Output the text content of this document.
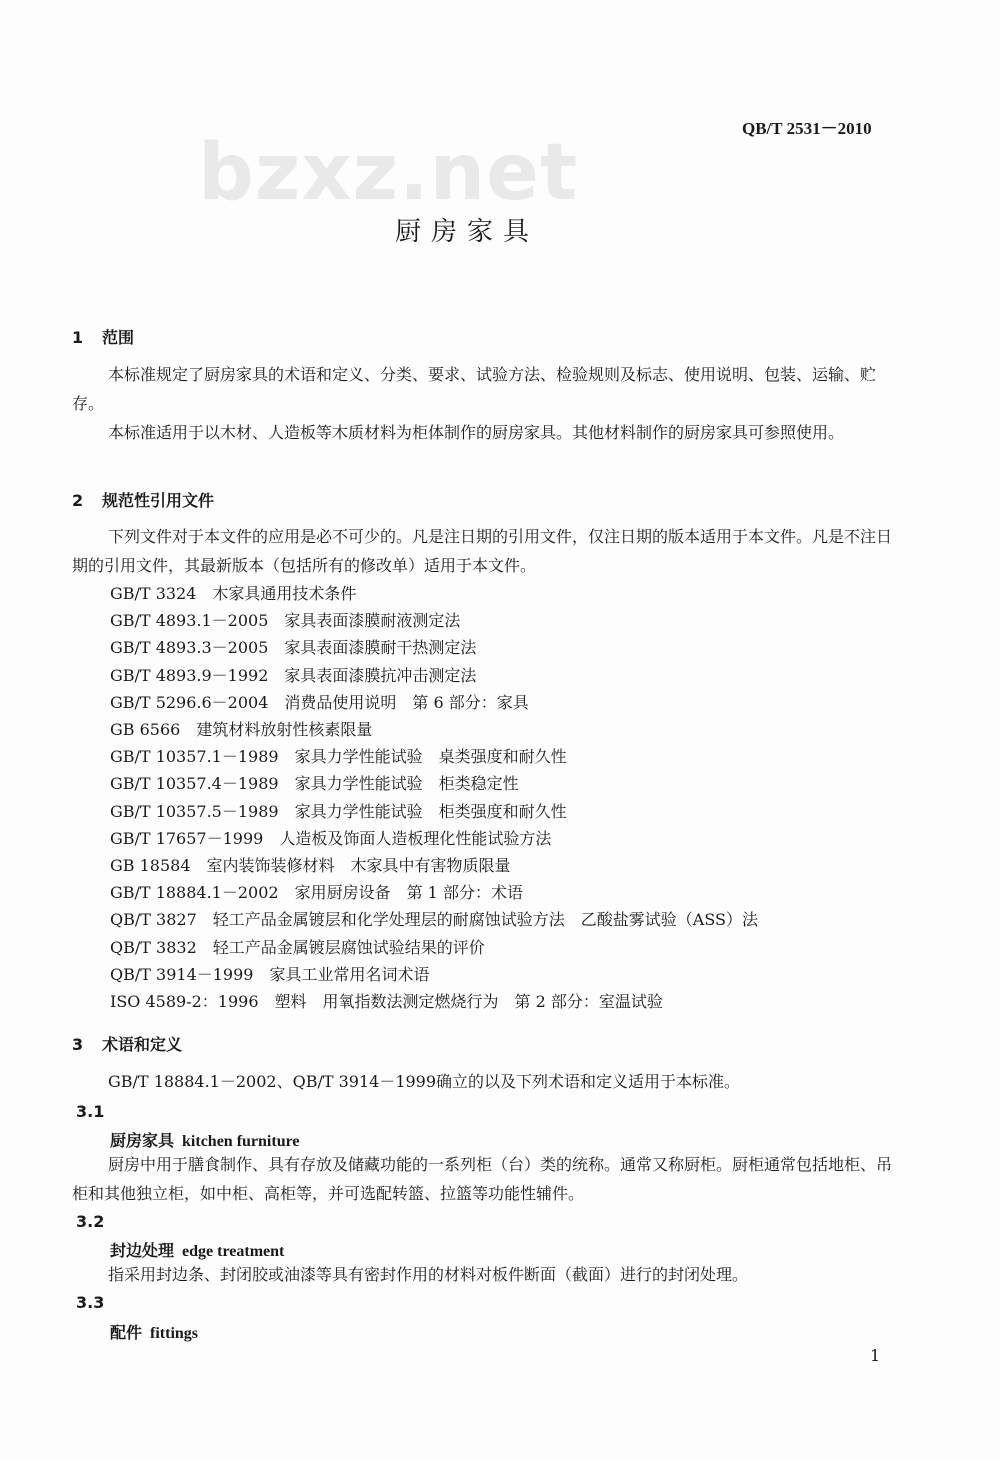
bzxz.net	QB/T 2531－2010
厨房家具
1 范围
本标准规定了厨房家具的术语和定义、分类、要求、试验方法、检验规则及标志、使用说明、包装、运输、贮存。
本标准适用于以木材、人造板等木质材料为柜体制作的厨房家具。其他材料制作的厨房家具可参照使用。
2 规范性引用文件
下列文件对于本文件的应用是必不可少的。凡是注日期的引用文件，仅注日期的版本适用于本文件。凡是不注日期的引用文件，其最新版本（包括所有的修改单）适用于本文件。
GB/T 3324 木家具通用技术条件
GB/T 4893.1－2005 家具表面漆膜耐液测定法
GB/T 4893.3－2005 家具表面漆膜耐干热测定法
GB/T 4893.9－1992 家具表面漆膜抗冲击测定法
GB/T 5296.6－2004 消费品使用说明 第 6 部分：家具
GB 6566 建筑材料放射性核素限量
GB/T 10357.1－1989 家具力学性能试验 桌类强度和耐久性
GB/T 10357.4－1989 家具力学性能试验 柜类稳定性
GB/T 10357.5－1989 家具力学性能试验 柜类强度和耐久性
GB/T 17657－1999 人造板及饰面人造板理化性能试验方法
GB 18584 室内装饰装修材料 木家具中有害物质限量
GB/T 18884.1－2002 家用厨房设备 第 1 部分：术语
QB/T 3827 轻工产品金属镀层和化学处理层的耐腐蚀试验方法 乙酸盐雾试验（ASS）法
QB/T 3832 轻工产品金属镀层腐蚀试验结果的评价
QB/T 3914－1999 家具工业常用名词术语
ISO 4589-2：1996 塑料 用氧指数法测定燃烧行为　第 2 部分：室温试验
3 术语和定义
GB/T 18884.1－2002、QB/T 3914－1999确立的以及下列术语和定义适用于本标准。
3.1
厨房家具 kitchen furniture
厨房中用于膳食制作、具有存放及储藏功能的一系列柜（台）类的统称。通常又称厨柜。厨柜通常包括地柜、吊柜和其他独立柜，如中柜、高柜等，并可选配转篮、拉篮等功能性辅件。
3.2
封边处理 edge treatment
指采用封边条、封闭胶或油漆等具有密封作用的材料对板件断面（截面）进行的封闭处理。
3.3
配件 fittings
1
